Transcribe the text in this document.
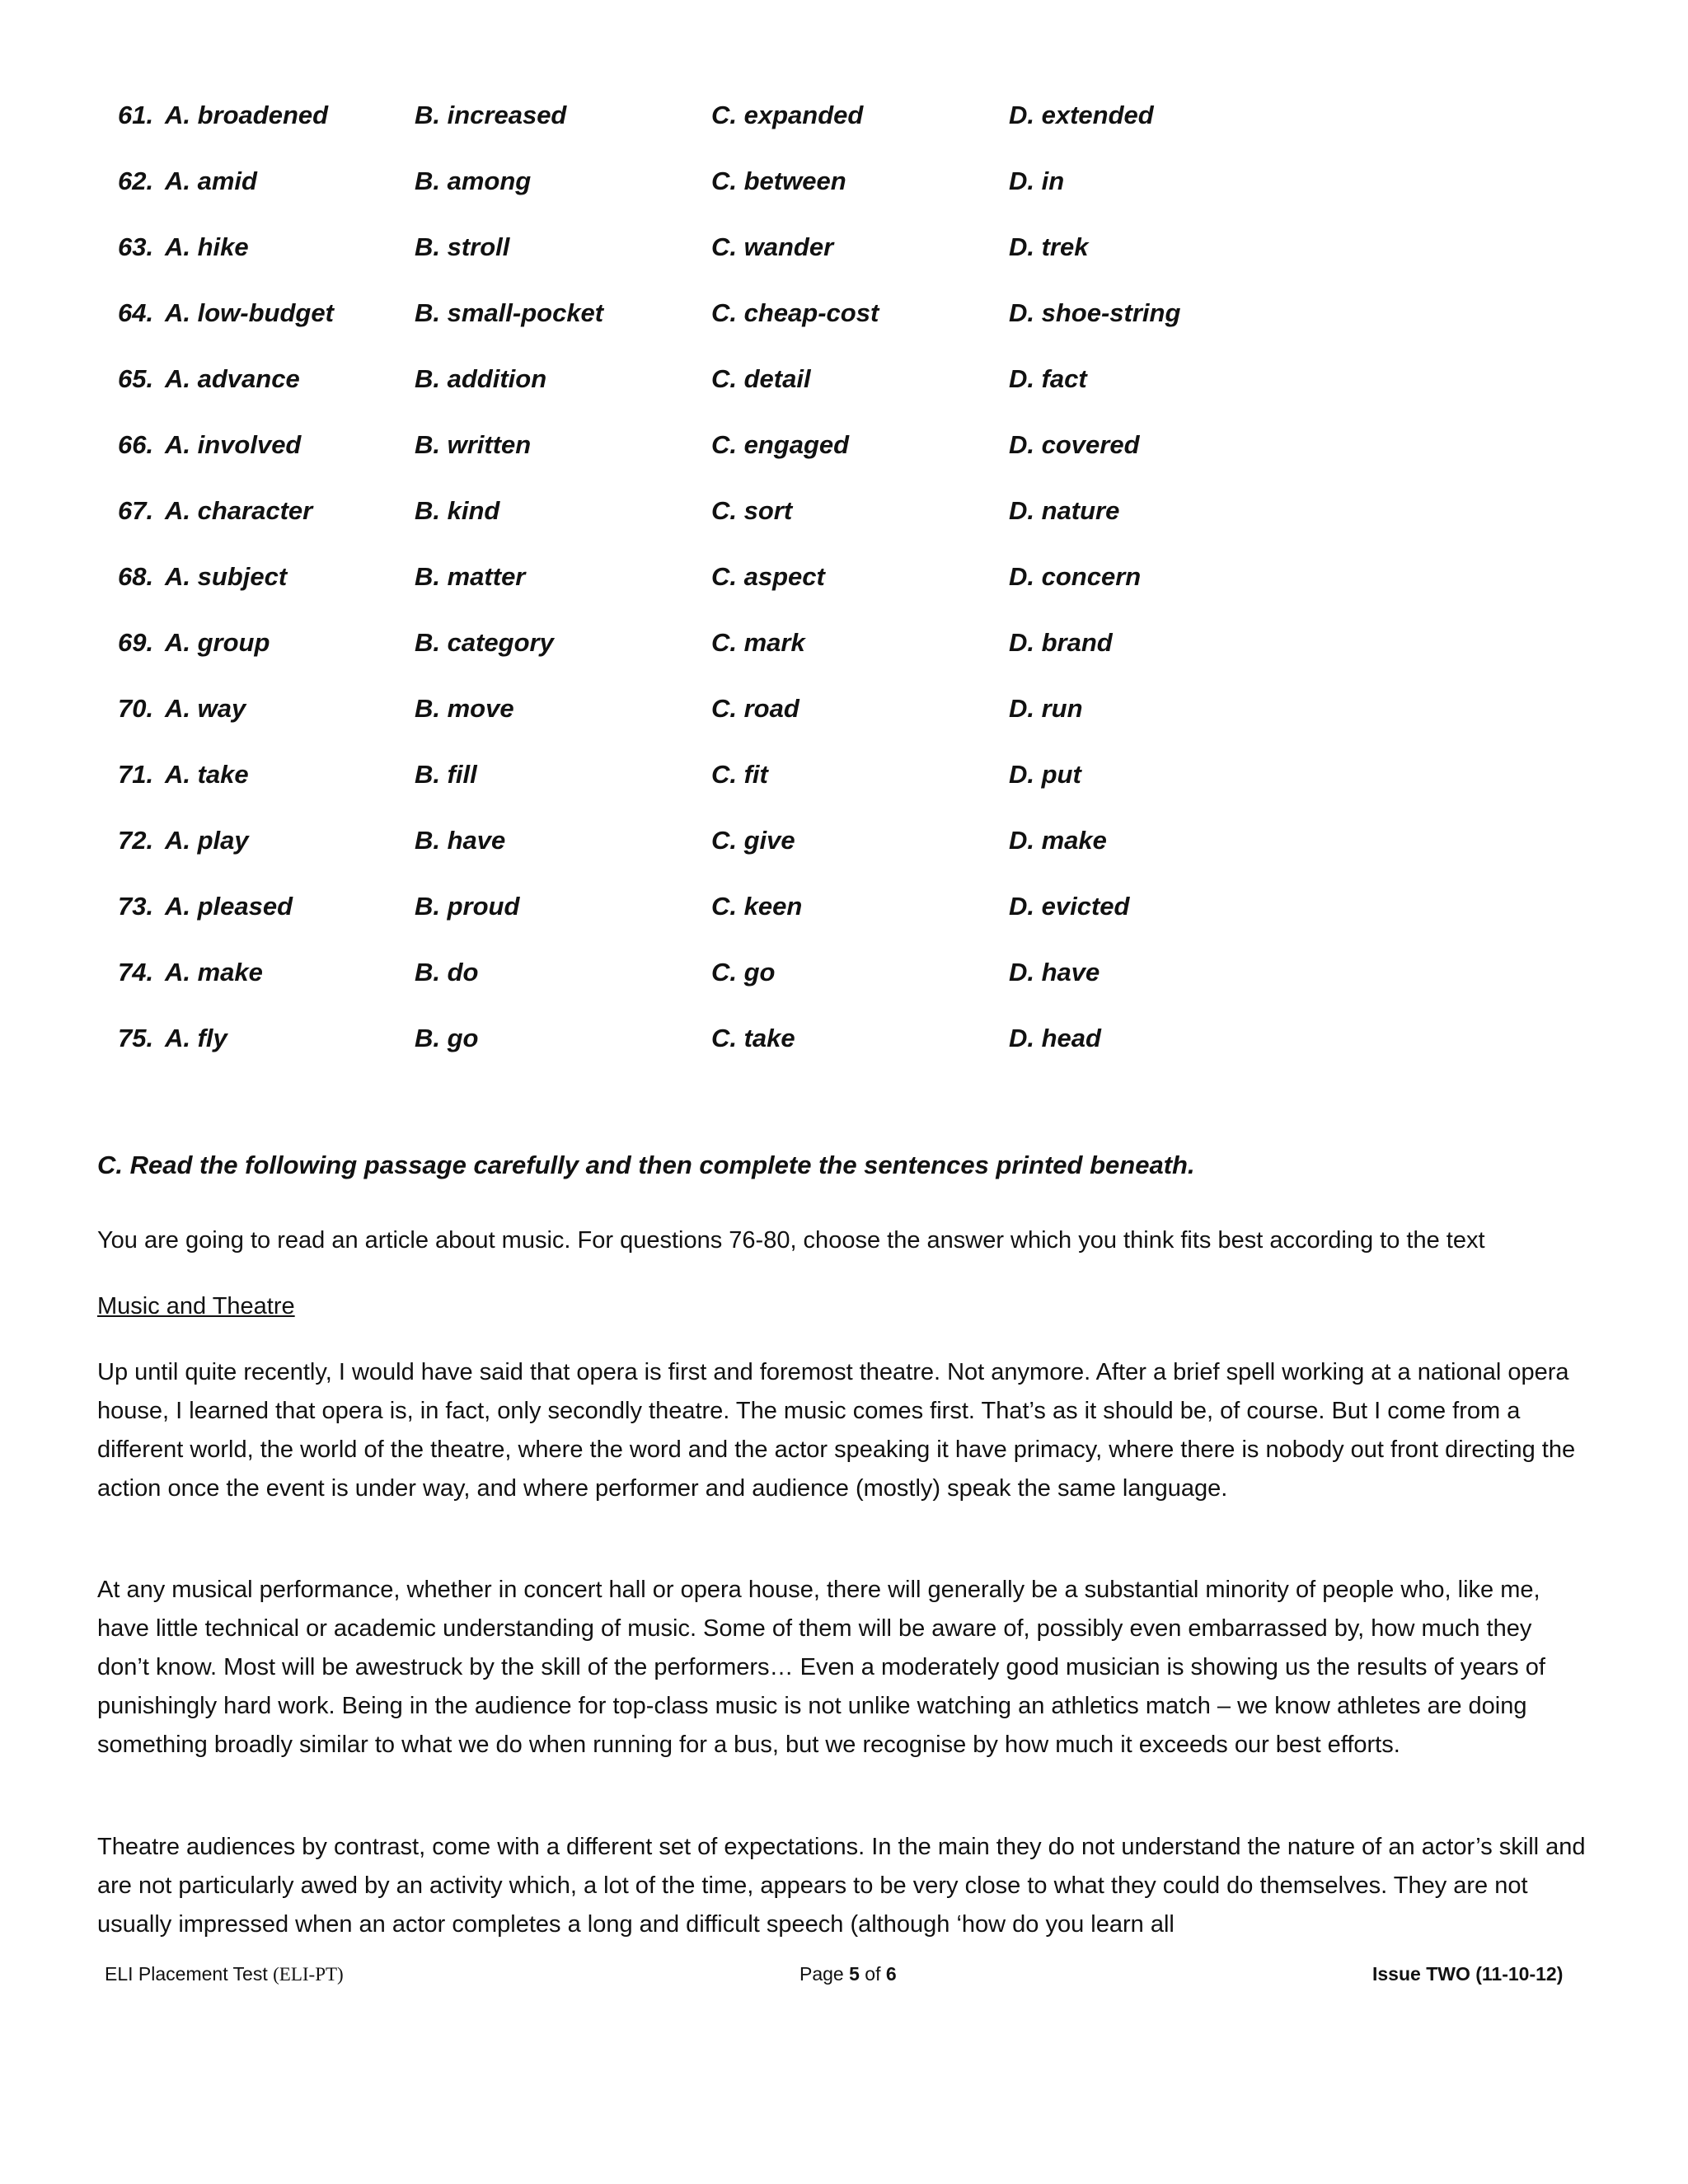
61. A. broadened	B. increased	C. expanded	D. extended
62. A. amid	B. among	C. between	D. in
63. A. hike	B. stroll	C. wander	D. trek
64. A. low-budget	B. small-pocket	C. cheap-cost	D. shoe-string
65. A. advance	B. addition	C. detail	D. fact
66. A. involved	B. written	C. engaged	D. covered
67. A. character	B. kind	C. sort	D. nature
68. A. subject	B. matter	C. aspect	D. concern
69. A. group	B. category	C. mark	D. brand
70. A. way	B. move	C. road	D. run
71. A. take	B. fill	C. fit	D. put
72. A. play	B. have	C. give	D. make
73. A. pleased	B. proud	C. keen	D. evicted
74. A. make	B. do	C. go	D. have
75. A. fly	B. go	C. take	D. head
C. Read the following passage carefully and then complete the sentences printed beneath.
You are going to read an article about music. For questions 76-80, choose the answer which you think fits best according to the text
Music and Theatre

Up until quite recently, I would have said that opera is first and foremost theatre. Not anymore. After a brief spell working at a national opera house, I learned that opera is, in fact, only secondly theatre. The music comes first. That’s as it should be, of course. But I come from a different world, the world of the theatre, where the word and the actor speaking it have primacy, where there is nobody out front directing the action once the event is under way, and where performer and audience (mostly) speak the same language.

At any musical performance, whether in concert hall or opera house, there will generally be a substantial minority of people who, like me, have little technical or academic understanding of music. Some of them will be aware of, possibly even embarrassed by, how much they don’t know. Most will be awestruck by the skill of the performers… Even a moderately good musician is showing us the results of years of punishingly hard work. Being in the audience for top-class music is not unlike watching an athletics match – we know athletes are doing something broadly similar to what we do when running for a bus, but we recognise by how much it exceeds our best efforts.

Theatre audiences by contrast, come with a different set of expectations. In the main they do not understand the nature of an actor’s skill and are not particularly awed by an activity which, a lot of the time, appears to be very close to what they could do themselves. They are not usually impressed when an actor completes a long and difficult speech (although ‘how do you learn all

ELI Placement Test (ELI-PT)	Page 5 of 6	Issue TWO (11-10-12)
